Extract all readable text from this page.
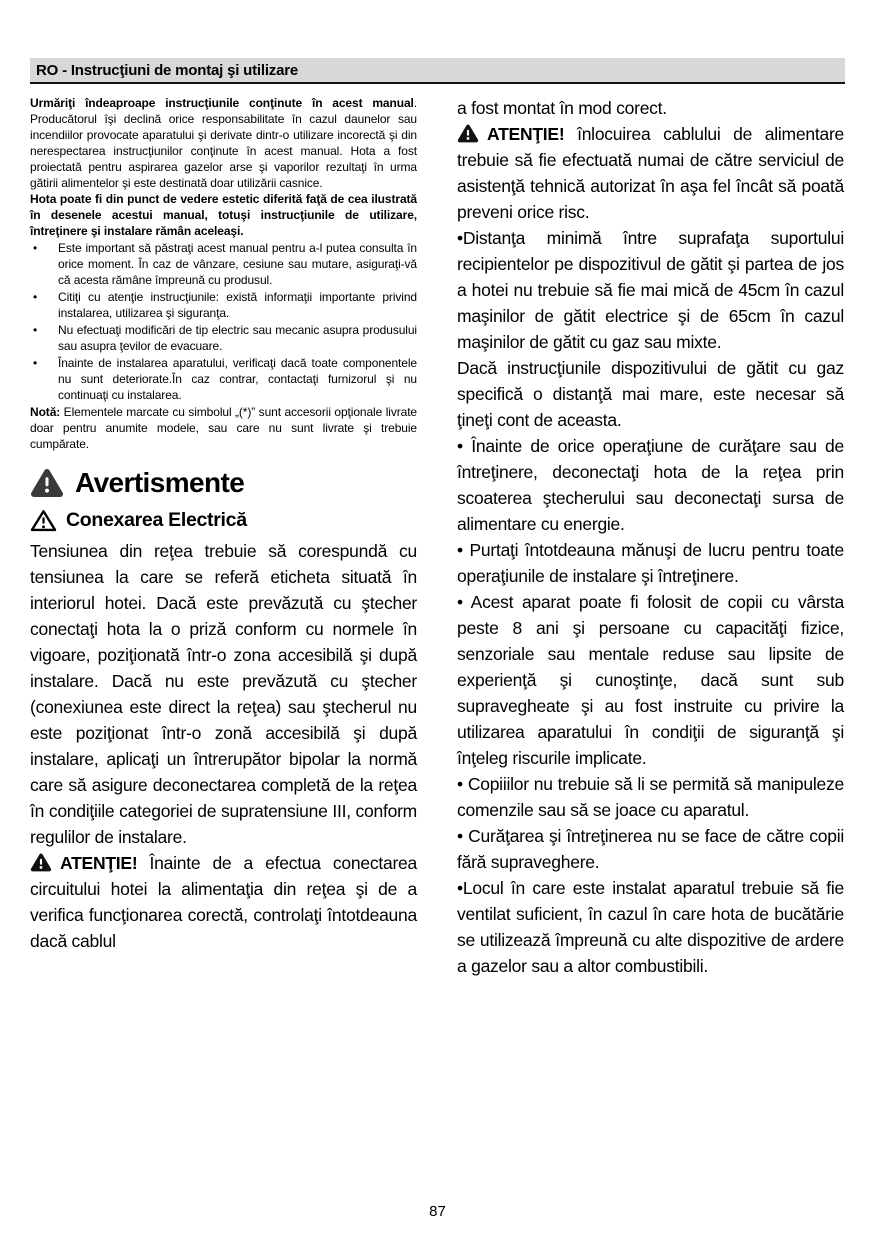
RO - Instrucţiuni de montaj şi utilizare

Urmăriţi îndeaproape instrucţiunile conţinute în acest manual. Producătorul îşi declină orice responsabilitate în cazul daunelor sau incendiilor provocate aparatului şi derivate dintr-o utilizare incorectă şi din nerespectarea instrucţiunilor conţinute în acest manual. Hota a fost proiectată pentru aspirarea gazelor arse şi vaporilor rezultaţi în urma gătirii alimentelor şi este destinată doar utilizării casnice.

Hota poate fi din punct de vedere estetic diferită faţă de cea ilustrată în desenele acestui manual, totuşi instrucţiunile de utilizare, întreţinere şi instalare rămân aceleaşi.

•	Este important să păstraţi acest manual pentru a-l putea consulta în orice moment. În caz de vânzare, cesiune sau mutare, asiguraţi-vă că acesta rămâne împreună cu produsul.
•	Citiţi cu atenţie instrucţiunile: există informaţii importante privind instalarea, utilizarea şi siguranţa.
•	Nu efectuaţi modificări de tip electric sau mecanic asupra produsului sau asupra ţevilor de evacuare.
•	Înainte de instalarea aparatului, verificaţi dacă toate componentele nu sunt deteriorate.În caz contrar, contactaţi furnizorul şi nu continuaţi cu instalarea.

Notă: Elementele marcate cu simbolul „(*)” sunt accesorii opţionale livrate doar pentru anumite modele, sau care nu sunt livrate şi trebuie cumpărate.

Avertismente
Conexarea Electrică

Tensiunea din reţea trebuie să corespundă cu tensiunea la care se referă eticheta situată în interiorul hotei. Dacă este prevăzută cu ştecher conectaţi hota la o priză conform cu normele în vigoare, poziţionată într-o zona accesibilă şi după instalare. Dacă nu este prevăzută cu ştecher (conexiunea este direct la reţea) sau ştecherul nu este poziţionat într-o zonă accesibilă şi după instalare, aplicaţi un întrerupător bipolar la normă care să asigure deconectarea completă de la reţea în condiţiile categoriei de supratensiune III, conform regulilor de instalare.

ATENŢIE! Înainte de a efectua conectarea circuitului hotei la alimentaţia din reţea şi de a verifica funcţionarea corectă, controlaţi întotdeauna dacă cablul

a fost montat în mod corect.

ATENŢIE! înlocuirea cablului de alimentare trebuie să fie efectuată numai de către serviciul de asistenţă tehnică autorizat în aşa fel încât să poată preveni orice risc.

•Distanţa minimă între suprafaţa suportului recipientelor pe dispozitivul de gătit şi partea de jos a hotei nu trebuie să fie mai mică de 45cm în cazul maşinilor de gătit electrice şi de 65cm în cazul maşinilor de gătit cu gaz sau mixte.

Dacă instrucţiunile dispozitivului de gătit cu gaz specifică o distanţă mai mare, este necesar să ţineţi cont de aceasta.

• Înainte de orice operaţiune de curăţare sau de întreţinere, deconectaţi hota de la reţea prin scoaterea ştecherului sau deconectaţi sursa de alimentare cu energie.

• Purtaţi întotdeauna mănuşi de lucru pentru toate operaţiunile de instalare şi întreţinere.

• Acest aparat poate fi folosit de copii cu vârsta peste 8 ani şi persoane cu capacităţi fizice, senzoriale sau mentale reduse sau lipsite de experienţă şi cunoştinţe, dacă sunt sub supravegheate şi au fost instruite cu privire la utilizarea aparatului în condiţii de siguranţă şi înţeleg riscurile implicate.

• Copiiilor nu trebuie să li se permită să manipuleze comenzile sau să se joace cu aparatul.

• Curăţarea şi întreţinerea nu se face de către copii fără supraveghere.

•Locul în care este instalat aparatul trebuie să fie ventilat suficient, în cazul în care hota de bucătărie se utilizează împreună cu alte dispozitive de ardere a gazelor sau a altor combustibili.

87
